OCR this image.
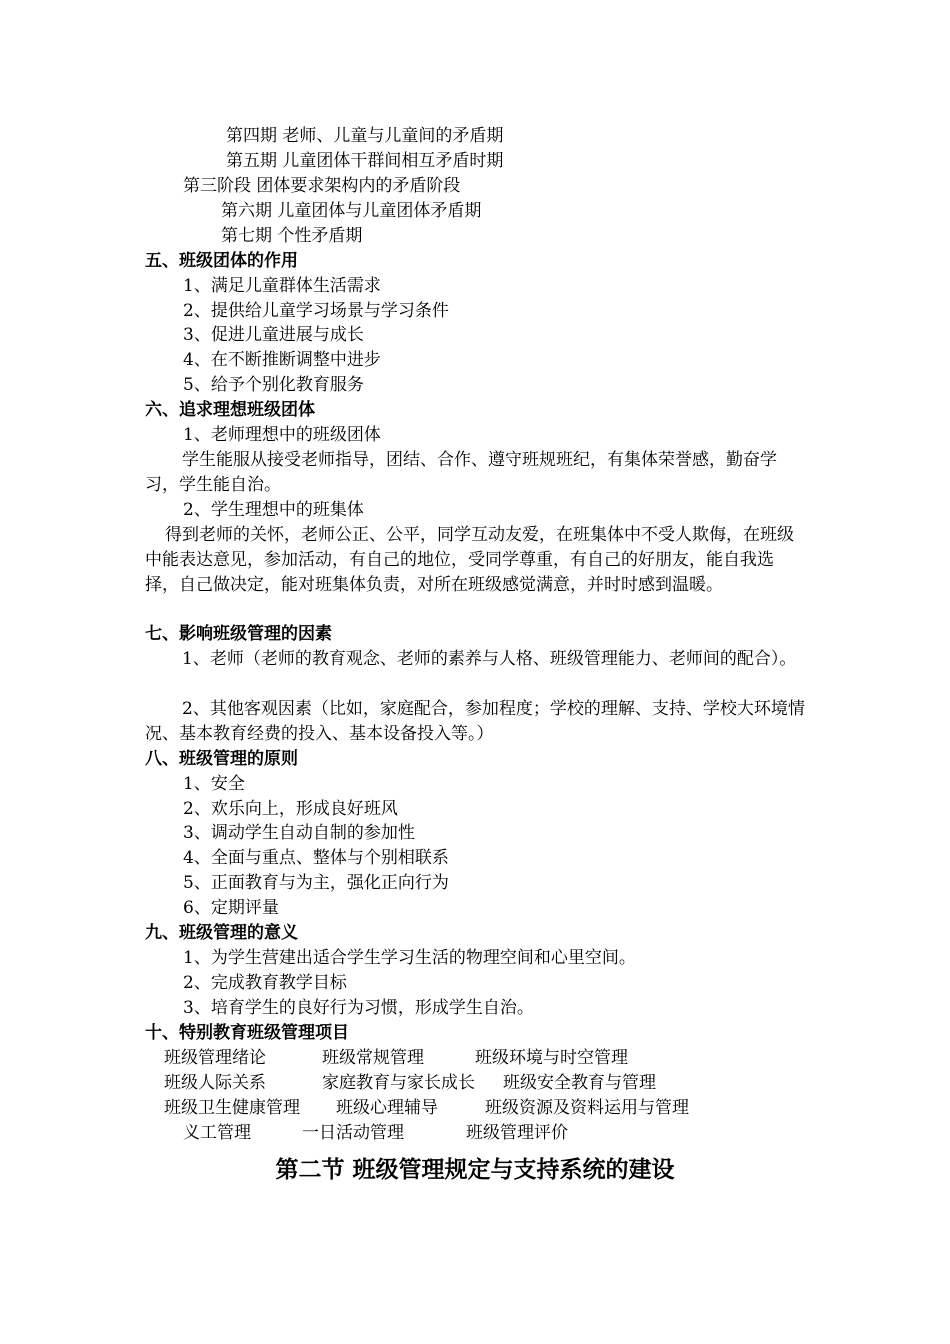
第四期 老师、儿童与儿童间的矛盾期
第五期 儿童团体干群间相互矛盾时期
第三阶段 团体要求架构内的矛盾阶段
第六期 儿童团体与儿童团体矛盾期
第七期 个性矛盾期
五、班级团体的作用
1、满足儿童群体生活需求
2、提供给儿童学习场景与学习条件
3、促进儿童进展与成长
4、在不断推断调整中进步
5、给予个别化教育服务
六、追求理想班级团体
1、老师理想中的班级团体
学生能服从接受老师指导，团结、合作、遵守班规班纪，有集体荣誉感，勤奋学习，学生能自治。
2、学生理想中的班集体
得到老师的关怀，老师公正、公平，同学互动友爱，在班集体中不受人欺侮，在班级中能表达意见，参加活动，有自己的地位，受同学尊重，有自己的好朋友，能自我选择，自己做决定，能对班集体负责，对所在班级感觉满意，并时时感到温暖。
七、影响班级管理的因素
1、老师（老师的教育观念、老师的素养与人格、班级管理能力、老师间的配合）。
2、其他客观因素（比如，家庭配合，参加程度；学校的理解、支持、学校大环境情况、基本教育经费的投入、基本设备投入等。）
八、班级管理的原则
1、安全
2、欢乐向上，形成良好班风
3、调动学生自动自制的参加性
4、全面与重点、整体与个别相联系
5、正面教育与为主，强化正向行为
6、定期评量
九、班级管理的意义
1、为学生营建出适合学生学习生活的物理空间和心里空间。
2、完成教育教学目标
3、培育学生的良好行为习惯，形成学生自治。
十、特别教育班级管理项目
班级管理绪论	班级常规管理	班级环境与时空管理
班级人际关系	家庭教育与家长成长 班级安全教育与管理
班级卫生健康管理 班级心理辅导	班级资源及资料运用与管理
义工管理	一日活动管理	班级管理评价
第二节 班级管理规定与支持系统的建设
